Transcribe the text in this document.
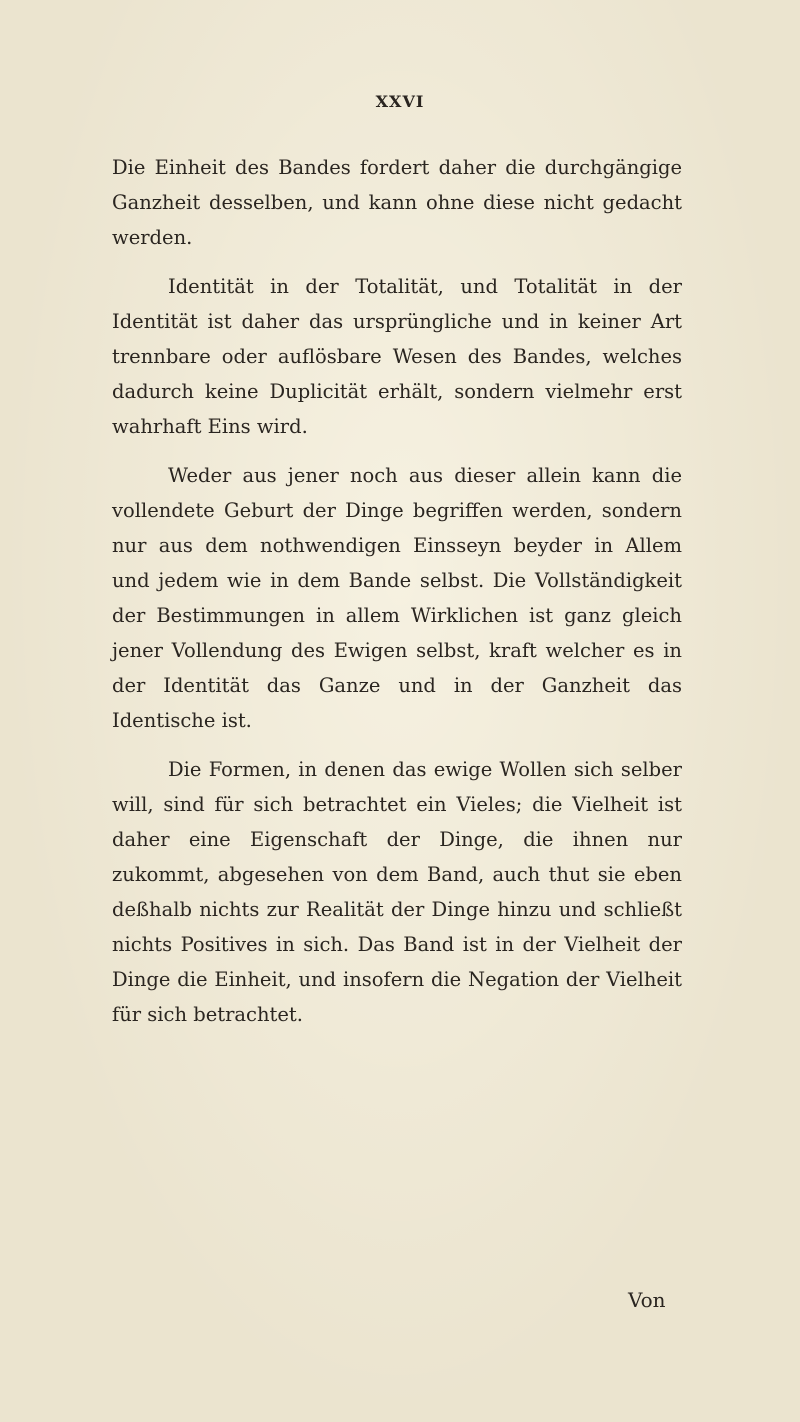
XXVI

Die Einheit des Bandes fordert daher die durchgängige Ganzheit desselben, und kann ohne diese nicht gedacht werden.

Identität in der Totalität, und Totalität in der Identität ist daher das ursprüngliche und in keiner Art trennbare oder auflösbare Wesen des Bandes, welches dadurch keine Duplicität erhält, sondern vielmehr erst wahrhaft Eins wird.

Weder aus jener noch aus dieser allein kann die vollendete Geburt der Dinge begriffen werden, sondern nur aus dem nothwendigen Einsseyn beyder in Allem und jedem wie in dem Bande selbst. Die Vollständigkeit der Bestimmungen in allem Wirklichen ist ganz gleich jener Vollendung des Ewigen selbst, kraft welcher es in der Identität das Ganze und in der Ganzheit das Identische ist.

Die Formen, in denen das ewige Wollen sich selber will, sind für sich betrachtet ein Vieles; die Vielheit ist daher eine Eigenschaft der Dinge, die ihnen nur zukommt, abgesehen von dem Band, auch thut sie eben deßhalb nichts zur Realität der Dinge hinzu und schließt nichts Positives in sich. Das Band ist in der Vielheit der Dinge die Einheit, und insofern die Negation der Vielheit für sich betrachtet.

Von
